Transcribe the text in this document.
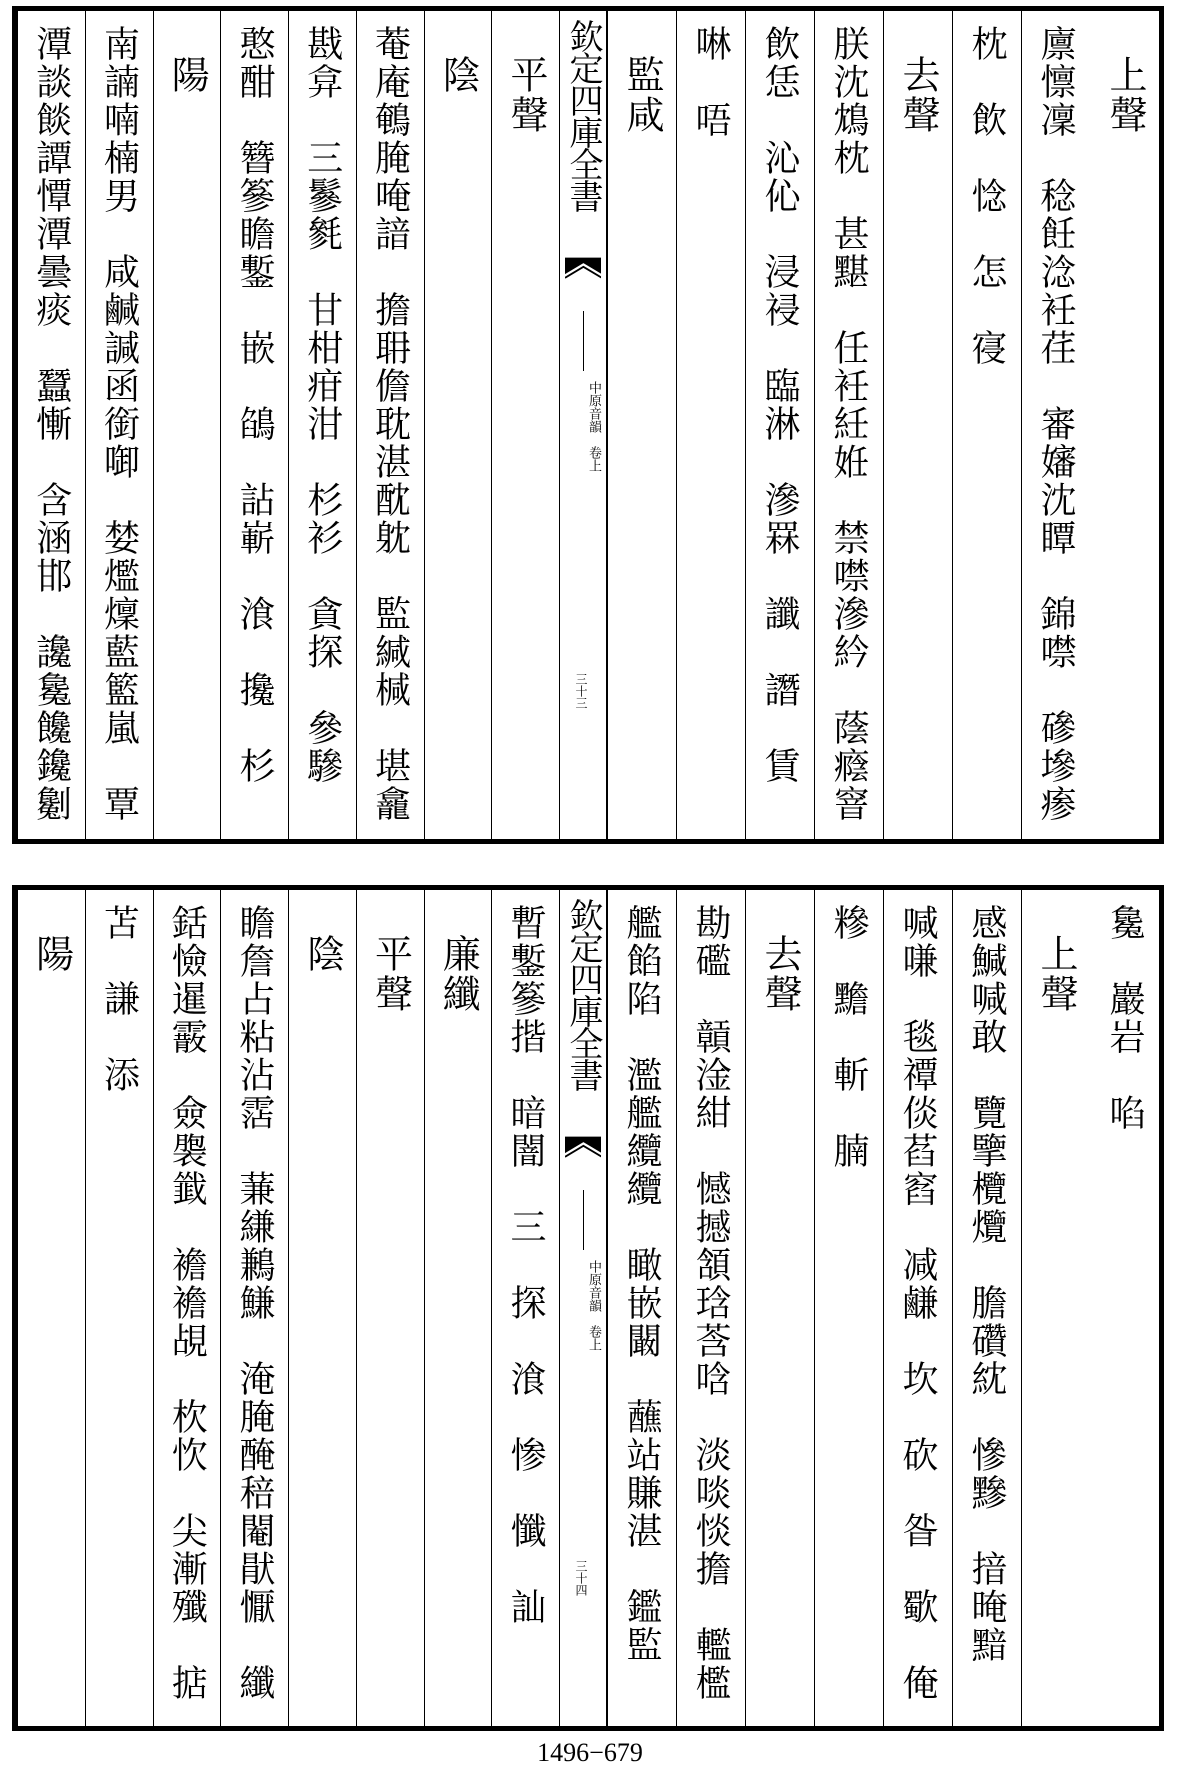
上聲
廪懔凜　稔飪淰衽荏　審嬸沈瞫　錦噤　磣墋瘆
枕　飲　惗　怎　寑
去聲
朕沈鴆枕　甚黮　任衽紝姙　禁噤滲紟　蔭癊窨
飲恁　沁伈　浸祲　臨淋　滲罧　讖　譖　賃
啉　唔
監咸
欽定四庫全書
中原音韻　卷上
三十三
平聲
陰
菴庵鵪腌唵諳　擔耼儋耽湛酖躭　監緘椷　堪龕
戡弇　三鬖毿　甘柑疳泔　杉衫　貪探　參驂
憨酣　簪篸瞻鏨　嵌　鵮　詀嶄　湌　攙　杉
陽
南諵喃楠男　咸鹹諴函銜啣　婪爁燣藍籃嵐　覃
潭談餤譚憛潭曇痰　蠶慚　含涵邯　讒毚饞鑱劖
毚　巖岩　啗
上聲
感鰔喊敢　覽擥欖爦　膽礸紞　慘黲　揞晻黯
喊嗛　毯禫倓萏窞　减鹻　坎　砍　昝　歜　俺
糝　黵　斬　腩
去聲
勘礛　贑淦紺　憾撼頷琀莟唅　淡啖惔擔　轞檻
艦餡陷　濫艦纜纜　瞰嵌闞　蘸站賺湛　鑑監
欽定四庫全書
中原音韻　卷上
三十四
暫鏨篸揩　暗闇　三　探　湌　惨　懺　訕
廉纖
平聲
陰
瞻詹占粘沾霑　蒹縑鶼鰜　淹腌醃稖閹猒懨　纖
銛憸暹霰　僉褜韱　襜襜覘　杴忺　尖漸殲　掂
苫　謙　添
陽
1496−679
